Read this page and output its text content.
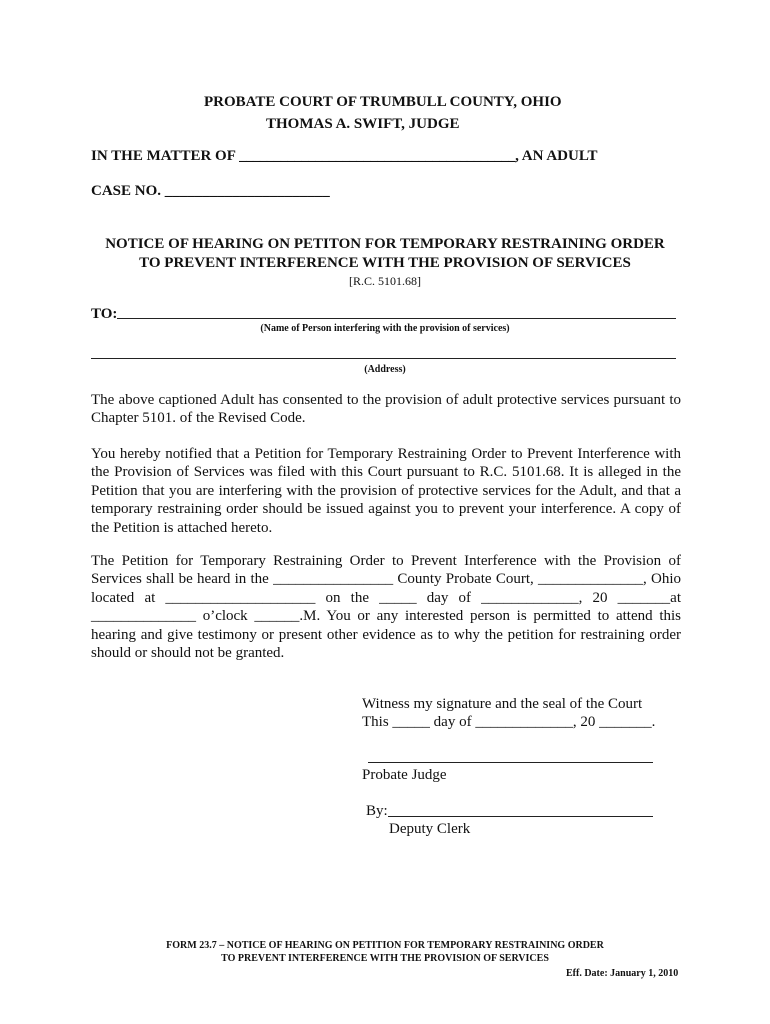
PROBATE COURT OF TRUMBULL COUNTY, OHIO
THOMAS A. SWIFT, JUDGE
IN THE MATTER OF ________________________________________, AN ADULT
CASE NO. ______________________
NOTICE OF HEARING ON PETITON FOR TEMPORARY RESTRAINING ORDER
TO PREVENT INTERFERENCE WITH THE PROVISION OF SERVICES
[R.C. 5101.68]
TO:
(Name of Person interfering with the provision of services)
(Address)
The above captioned Adult has consented to the provision of adult protective services pursuant to
Chapter 5101. of the Revised Code.
You hereby notified that a Petition for Temporary Restraining Order to Prevent Interference with
the Provision of Services was filed with this Court pursuant to R.C. 5101.68. It is alleged in the
Petition that you are interfering with the provision of protective services for the Adult, and that a
temporary restraining order should be issued against you to prevent your interference. A copy of
the Petition is attached hereto.
The Petition for Temporary Restraining Order to Prevent Interference with the Provision of
Services shall be heard in the ________________ County Probate Court, ______________, Ohio
located at ____________________ on the _____ day of _____________, 20 _______at
______________ o’clock ______.M. You or any interested person is permitted to attend this
hearing and give testimony or present other evidence as to why the petition for restraining order
should or should not be granted.
Witness my signature and the seal of the Court
This _____ day of _____________, 20 _______.
Probate Judge
By:
Deputy Clerk
FORM 23.7 – NOTICE OF HEARING ON PETITION FOR TEMPORARY RESTRAINING ORDER
TO PREVENT INTERFERENCE WITH THE PROVISION OF SERVICES
Eff. Date: January 1, 2010
